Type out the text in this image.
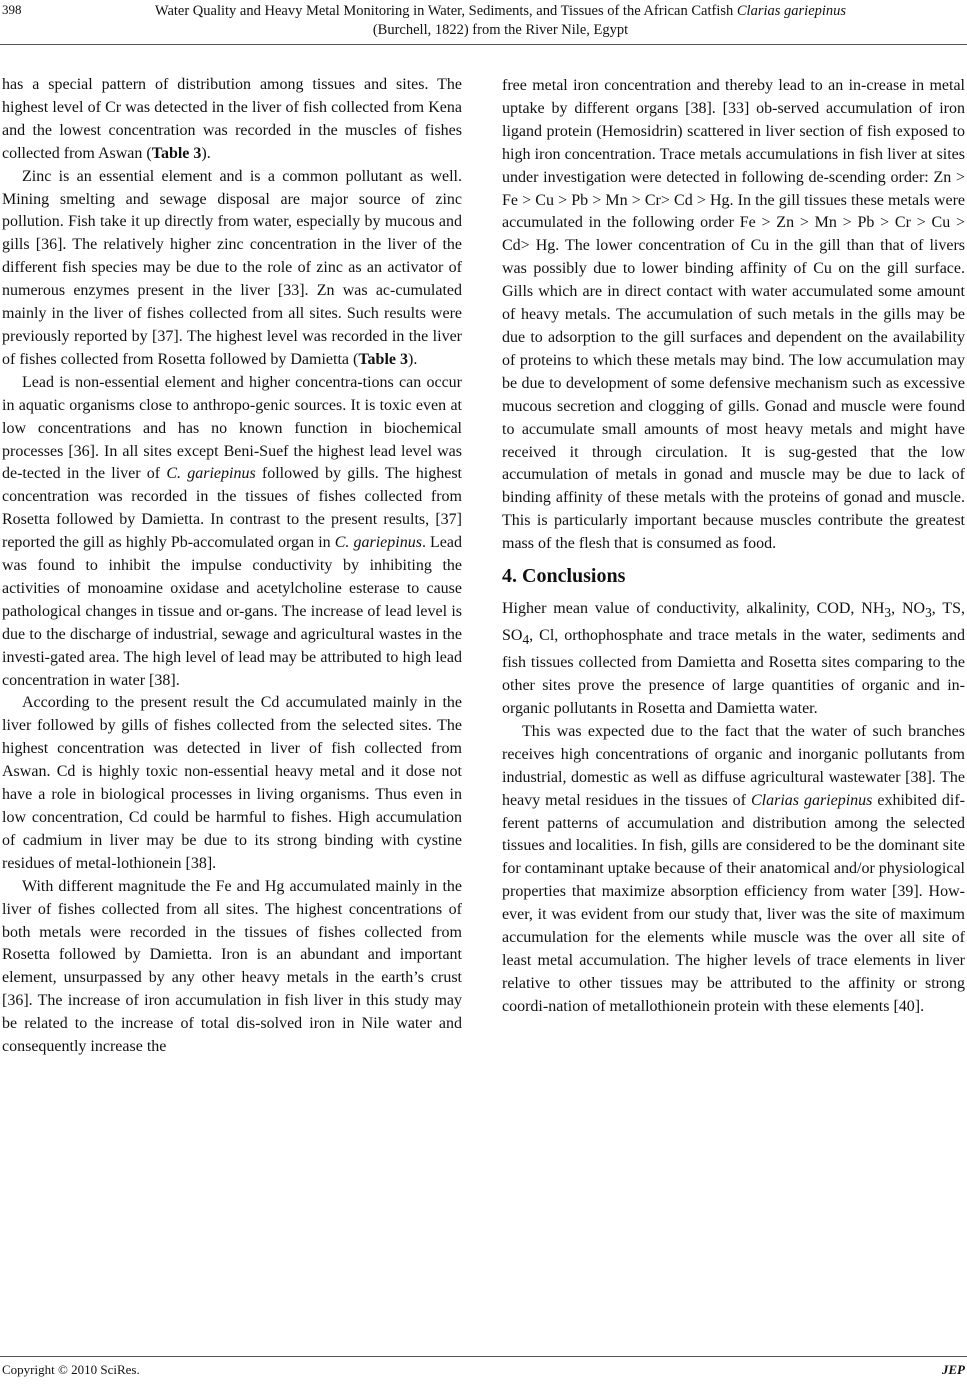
398	Water Quality and Heavy Metal Monitoring in Water, Sediments, and Tissues of the African Catfish Clarias gariepinus
(Burchell, 1822) from the River Nile, Egypt

has a special pattern of distribution among tissues and sites. The highest level of Cr was detected in the liver of fish collected from Kena and the lowest concentration was recorded in the muscles of fishes collected from Aswan (Table 3).

Zinc is an essential element and is a common pollutant as well. Mining smelting and sewage disposal are major source of zinc pollution. Fish take it up directly from water, especially by mucous and gills [36]. The relatively higher zinc concentration in the liver of the different fish species may be due to the role of zinc as an activator of numerous enzymes present in the liver [33]. Zn was ac-cumulated mainly in the liver of fishes collected from all sites. Such results were previously reported by [37]. The highest level was recorded in the liver of fishes collected from Rosetta followed by Damietta (Table 3).

Lead is non-essential element and higher concentra-tions can occur in aquatic organisms close to anthropo-genic sources. It is toxic even at low concentrations and has no known function in biochemical processes [36]. In all sites except Beni-Suef the highest lead level was de-tected in the liver of C. gariepinus followed by gills. The highest concentration was recorded in the tissues of fishes collected from Rosetta followed by Damietta. In contrast to the present results, [37] reported the gill as highly Pb-accomulated organ in C. gariepinus. Lead was found to inhibit the impulse conductivity by inhibiting the activities of monoamine oxidase and acetylcholine esterase to cause pathological changes in tissue and or-gans. The increase of lead level is due to the discharge of industrial, sewage and agricultural wastes in the investi-gated area. The high level of lead may be attributed to high lead concentration in water [38].

According to the present result the Cd accumulated mainly in the liver followed by gills of fishes collected from the selected sites. The highest concentration was detected in liver of fish collected from Aswan. Cd is highly toxic non-essential heavy metal and it dose not have a role in biological processes in living organisms. Thus even in low concentration, Cd could be harmful to fishes. High accumulation of cadmium in liver may be due to its strong binding with cystine residues of metal-lothionein [38].

With different magnitude the Fe and Hg accumulated mainly in the liver of fishes collected from all sites. The highest concentrations of both metals were recorded in the tissues of fishes collected from Rosetta followed by Damietta. Iron is an abundant and important element, unsurpassed by any other heavy metals in the earth’s crust [36]. The increase of iron accumulation in fish liver in this study may be related to the increase of total dis-solved iron in Nile water and consequently increase the

free metal iron concentration and thereby lead to an in-crease in metal uptake by different organs [38]. [33] ob-served accumulation of iron ligand protein (Hemosidrin) scattered in liver section of fish exposed to high iron concentration. Trace metals accumulations in fish liver at sites under investigation were detected in following de-scending order: Zn > Fe > Cu > Pb > Mn > Cr> Cd > Hg. In the gill tissues these metals were accumulated in the following order Fe > Zn > Mn > Pb > Cr > Cu > Cd> Hg. The lower concentration of Cu in the gill than that of livers was possibly due to lower binding affinity of Cu on the gill surface. Gills which are in direct contact with water accumulated some amount of heavy metals. The accumulation of such metals in the gills may be due to adsorption to the gill surfaces and dependent on the availability of proteins to which these metals may bind. The low accumulation may be due to development of some defensive mechanism such as excessive mucous secretion and clogging of gills. Gonad and muscle were found to accumulate small amounts of most heavy metals and might have received it through circulation. It is sug-gested that the low accumulation of metals in gonad and muscle may be due to lack of binding affinity of these metals with the proteins of gonad and muscle. This is particularly important because muscles contribute the greatest mass of the flesh that is consumed as food.

4. Conclusions

Higher mean value of conductivity, alkalinity, COD, $NH_3$, $NO_3$, TS, $SO_4$, Cl, orthophosphate and trace metals in the water, sediments and fish tissues collected from Damietta and Rosetta sites comparing to the other sites prove the presence of large quantities of organic and in-organic pollutants in Rosetta and Damietta water.

This was expected due to the fact that the water of such branches receives high concentrations of organic and inorganic pollutants from industrial, domestic as well as diffuse agricultural wastewater [38]. The heavy metal residues in the tissues of Clarias gariepinus exhibited dif-ferent patterns of accumulation and distribution among the selected tissues and localities. In fish, gills are considered to be the dominant site for contaminant uptake because of their anatomical and/or physiological properties that maximize absorption efficiency from water [39]. How-ever, it was evident from our study that, liver was the site of maximum accumulation for the elements while muscle was the over all site of least metal accumulation. The higher levels of trace elements in liver relative to other tissues may be attributed to the affinity or strong coordi-nation of metallothionein protein with these elements [40].

Copyright © 2010 SciRes.	JEP
